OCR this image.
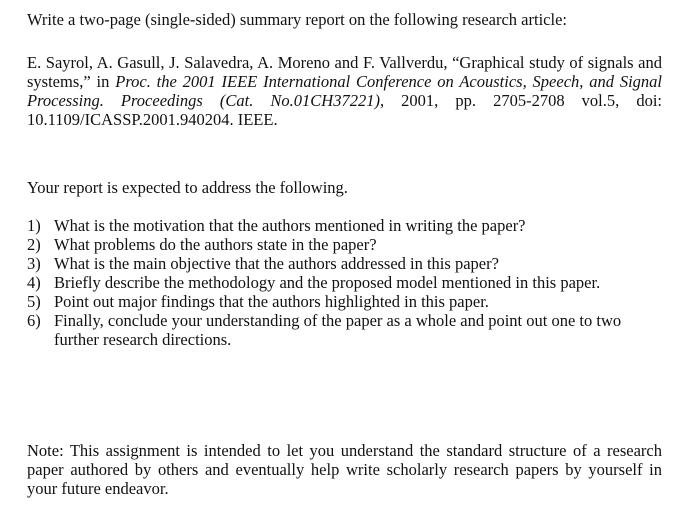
Write a two-page (single-sided) summary report on the following research article:
E. Sayrol, A. Gasull, J. Salavedra, A. Moreno and F. Vallverdu, “Graphical study of signals and systems,” in Proc. the 2001 IEEE International Conference on Acoustics, Speech, and Signal Processing. Proceedings (Cat. No.01CH37221), 2001, pp. 2705-2708 vol.5, doi: 10.1109/ICASSP.2001.940204. IEEE.
Your report is expected to address the following.
1) What is the motivation that the authors mentioned in writing the paper?
2) What problems do the authors state in the paper?
3) What is the main objective that the authors addressed in this paper?
4) Briefly describe the methodology and the proposed model mentioned in this paper.
5) Point out major findings that the authors highlighted in this paper.
6) Finally, conclude your understanding of the paper as a whole and point out one to two further research directions.
Note: This assignment is intended to let you understand the standard structure of a research paper authored by others and eventually help write scholarly research papers by yourself in your future endeavor.
